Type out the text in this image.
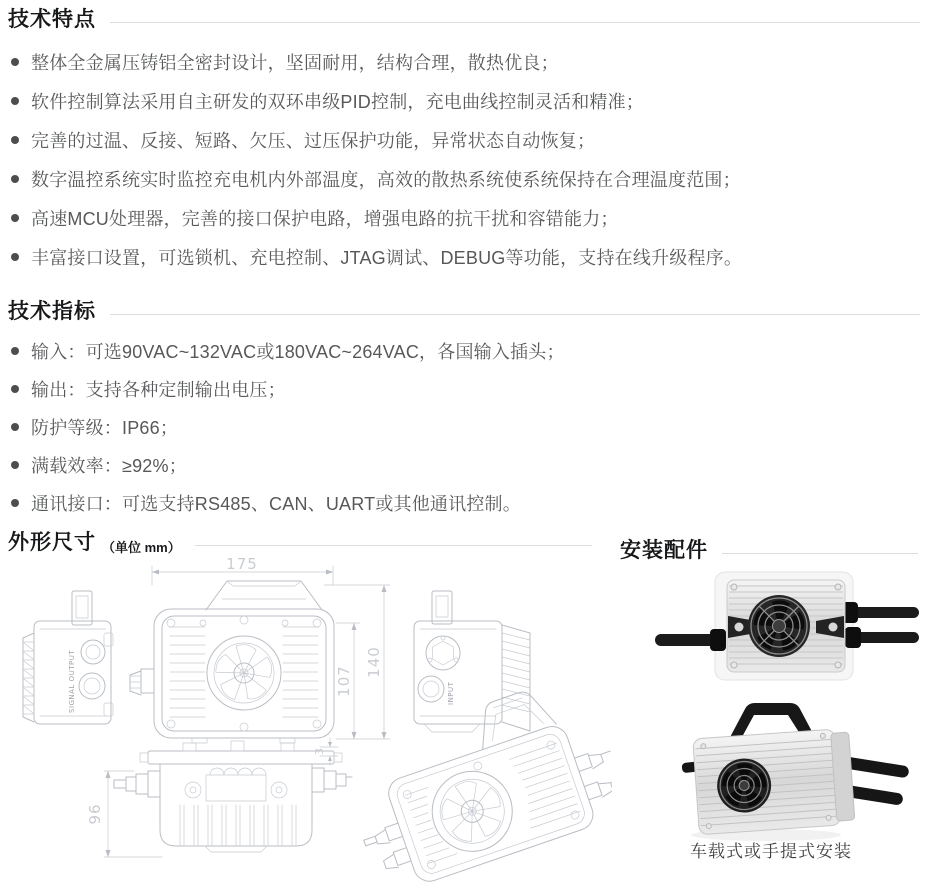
技术特点
整体全金属压铸铝全密封设计，坚固耐用，结构合理，散热优良；
软件控制算法采用自主研发的双环串级PID控制，充电曲线控制灵活和精准；
完善的过温、反接、短路、欠压、过压保护功能，异常状态自动恢复；
数字温控系统实时监控充电机内外部温度，高效的散热系统使系统保持在合理温度范围；
高速MCU处理器，完善的接口保护电路，增强电路的抗干扰和容错能力；
丰富接口设置，可选锁机、充电控制、JTAG调试、DEBUG等功能，支持在线升级程序。
技术指标
输入：可选90VAC~132VAC或180VAC~264VAC，各国输入插头；
输出：支持各种定制输出电压；
防护等级：IP66；
满载效率：≥92%；
通讯接口：可选支持RS485、CAN、UART或其他通讯控制。
外形尺寸 （单位 mm）
SIGNAL OUTPUT
175
107
140
INPUT
96
3
安装配件
车载式或手提式安装
